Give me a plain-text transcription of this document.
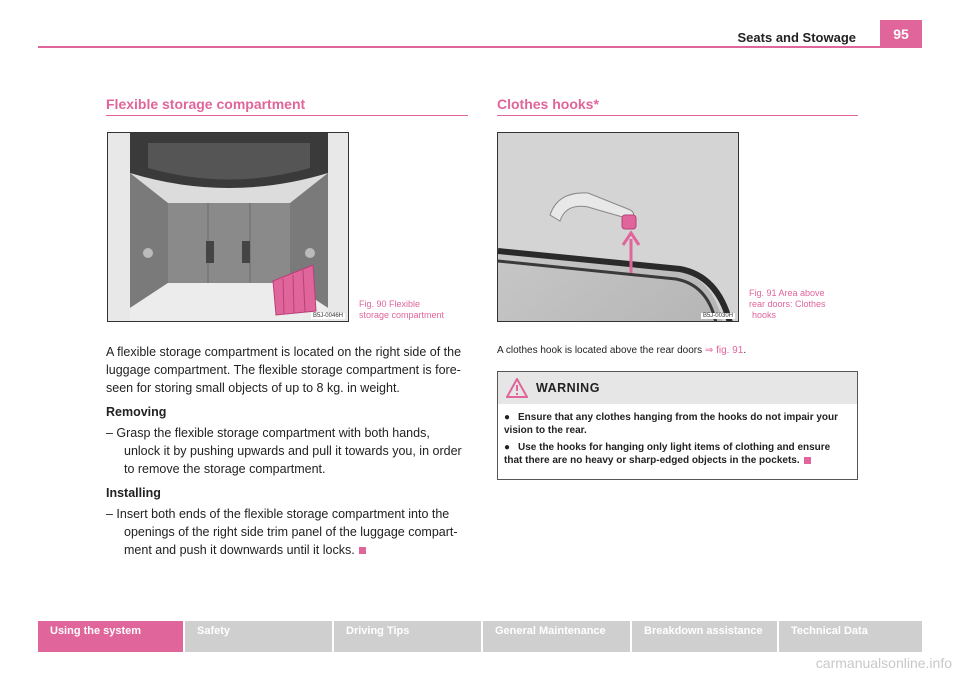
Seats and Stowage	95
Flexible storage compartment
B5J-0046H
Fig. 90 Flexible
storage compartment
A flexible storage compartment is located on the right side of the
luggage compartment. The flexible storage compartment is fore-
seen for storing small objects of up to 8 kg. in weight.
Removing
– Grasp the flexible storage compartment with both hands, unlock it by pushing upwards and pull it towards you, in order to remove the storage compartment.
Installing
– Insert both ends of the flexible storage compartment into the openings of the right side trim panel of the luggage compart-ment and push it downwards until it locks.
Clothes hooks*
B5J-0030H
Fig. 91 Area above
rear doors: Clothes
hooks
A clothes hook is located above the rear doors ⇒ fig. 91.
WARNING
● Ensure that any clothes hanging from the hooks do not impair your vision to the rear.
● Use the hooks for hanging only light items of clothing and ensure that there are no heavy or sharp-edged objects in the pockets.
Using the system	Safety	Driving Tips	General Maintenance	Breakdown assistance	Technical Data
carmanualsonline.info
